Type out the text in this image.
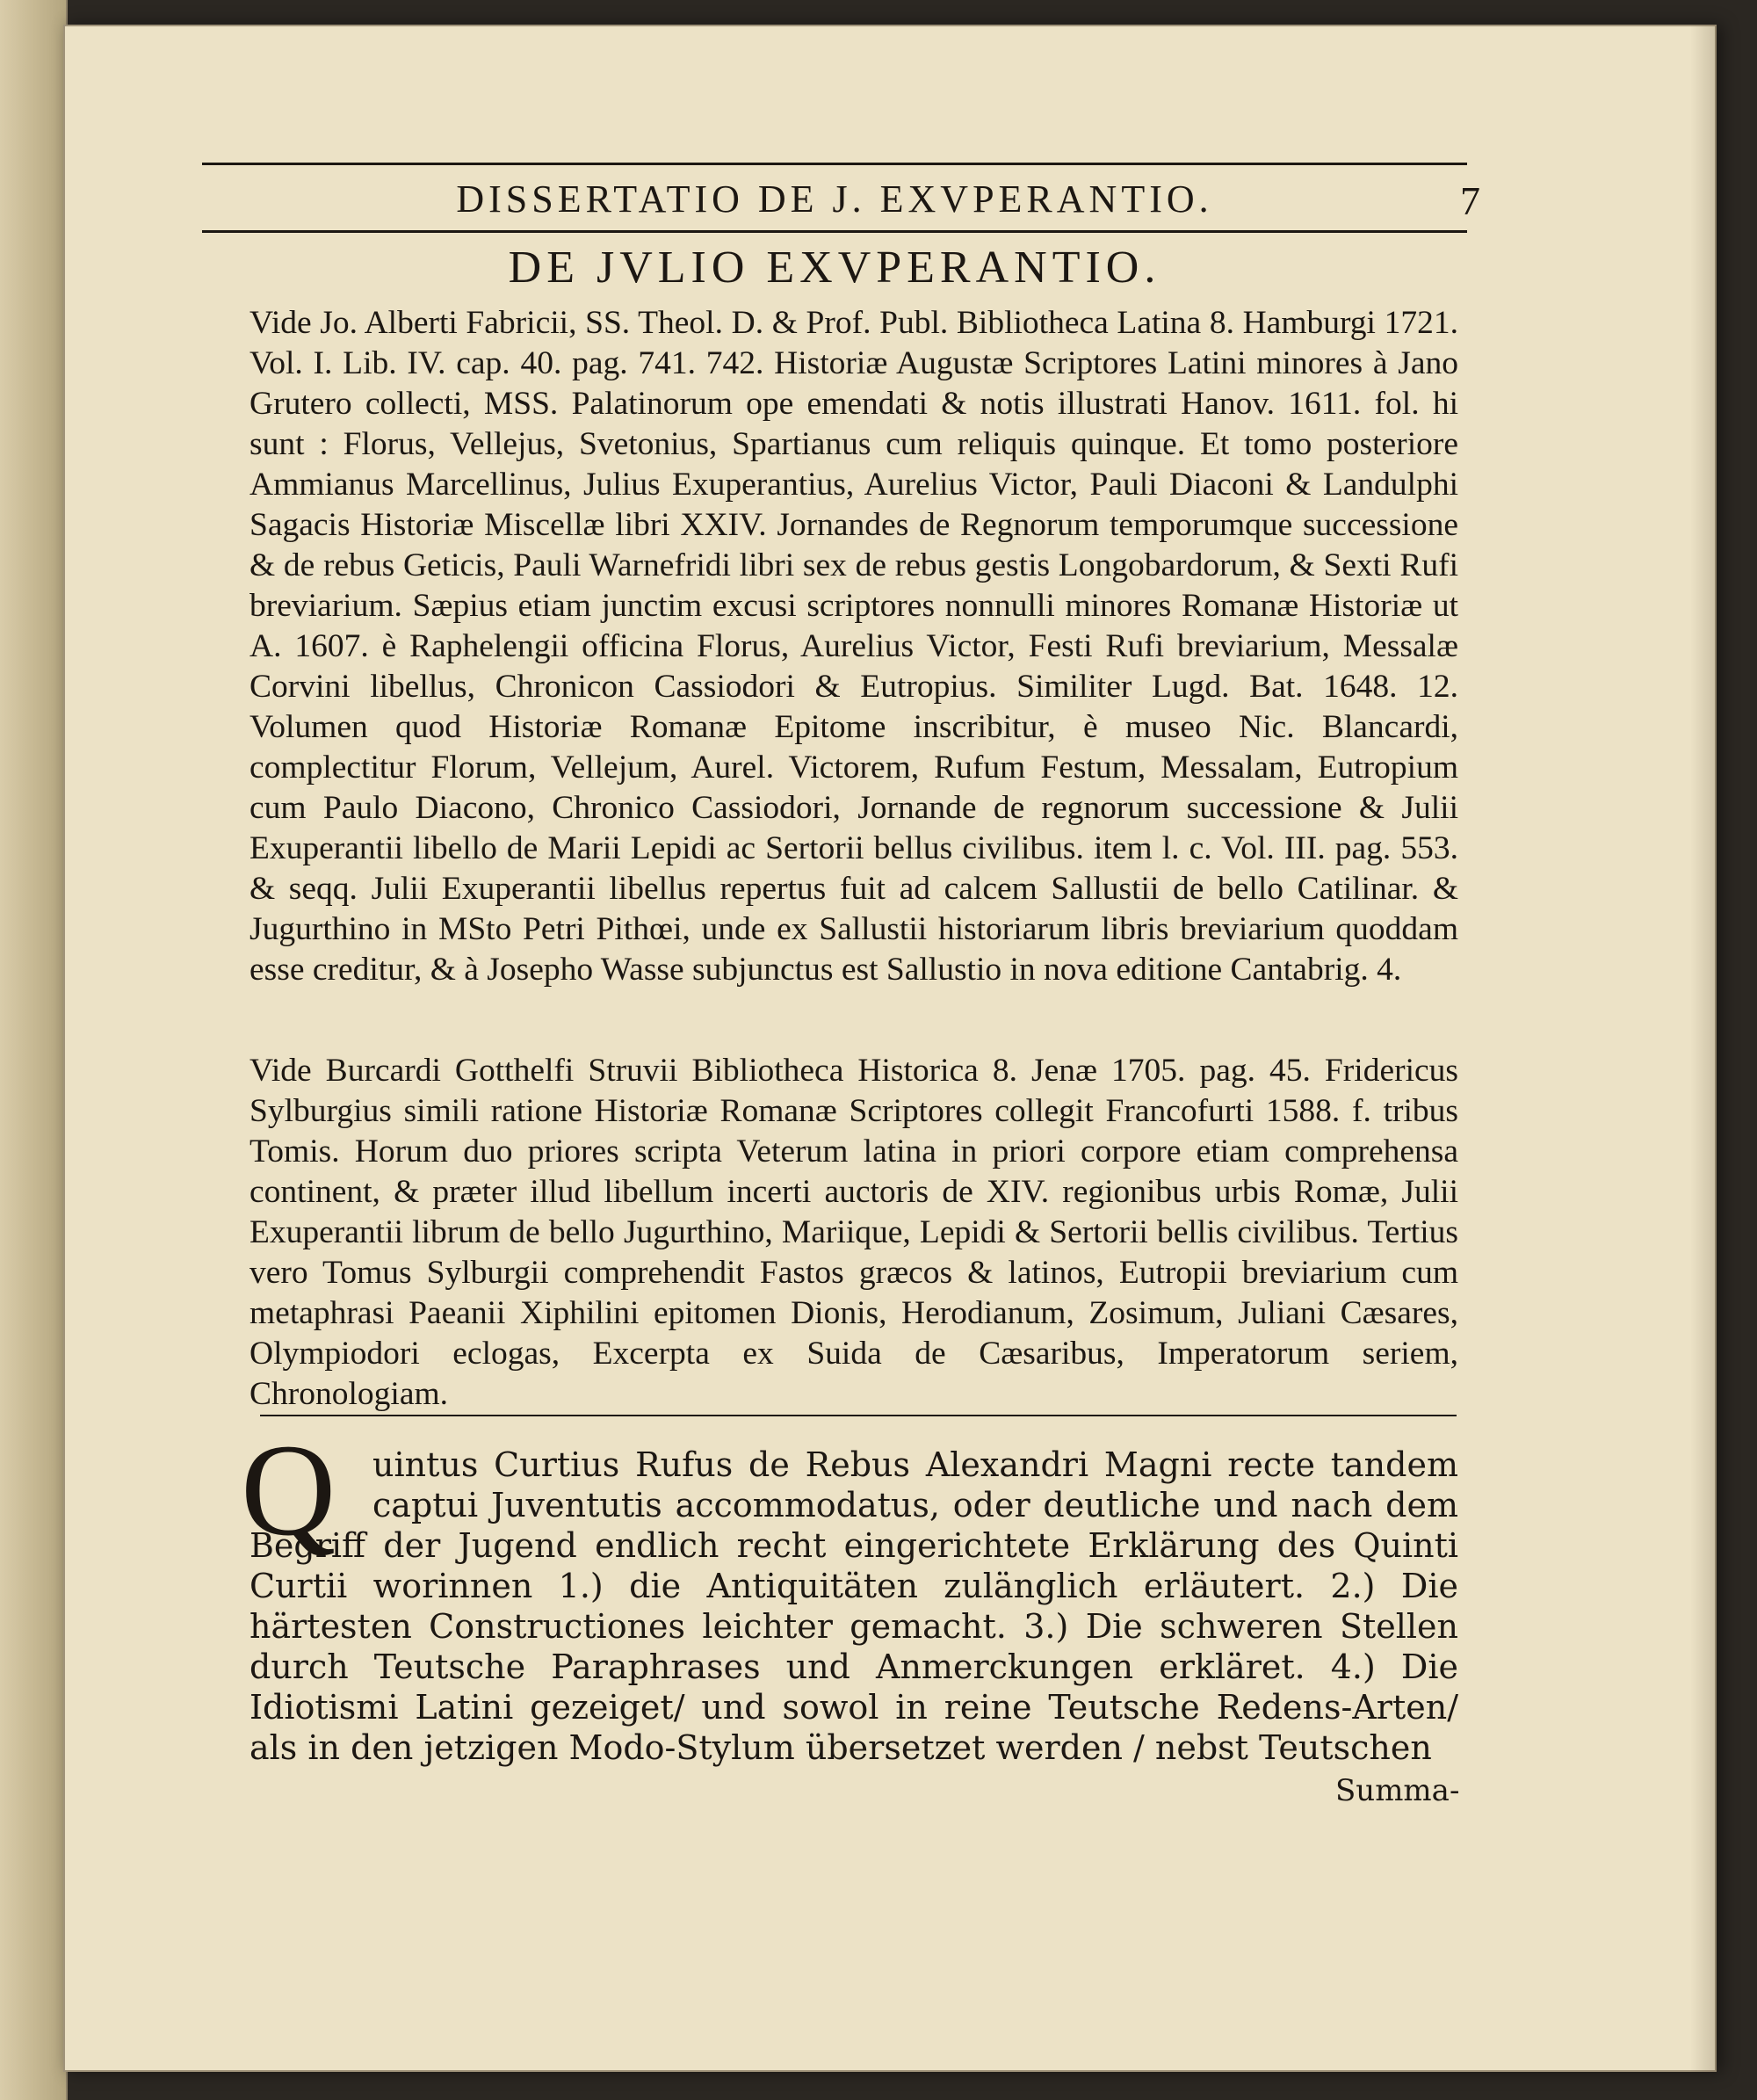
DISSERTATIO DE J. EXVPERANTIO.	7
DE JVLIO EXVPERANTIO.
Vide Jo. Alberti Fabricii, SS. Theol. D. & Prof. Publ. Bibliotheca Latina 8. Hamburgi 1721. Vol. I. Lib. IV. cap. 40. pag. 741. 742. Historiæ Augustæ Scriptores Latini minores à Jano Grutero collecti, MSS. Palatinorum ope emendati & notis illustrati Hanov. 1611. fol. hi sunt : Florus, Vellejus, Svetonius, Spartianus cum reliquis quinque. Et tomo posteriore Ammianus Marcellinus, Julius Exuperantius, Aurelius Victor, Pauli Diaconi & Landulphi Sagacis Historiæ Miscellæ libri XXIV. Jornandes de Regnorum temporumque successione & de rebus Geticis, Pauli Warnefridi libri sex de rebus gestis Longobardorum, & Sexti Rufi breviarium. Sæpius etiam junctim excusi scriptores nonnulli minores Romanæ Historiæ ut A. 1607. è Raphelengii officina Florus, Aurelius Victor, Festi Rufi breviarium, Messalæ Corvini libellus, Chronicon Cassiodori & Eutropius. Similiter Lugd. Bat. 1648. 12. Volumen quod Historiæ Romanæ Epitome inscribitur, è museo Nic. Blancardi, complectitur Florum, Vellejum, Aurel. Victorem, Rufum Festum, Messalam, Eutropium cum Paulo Diacono, Chronico Cassiodori, Jornande de regnorum successione & Julii Exuperantii libello de Marii Lepidi ac Sertorii bellus civilibus. item l. c. Vol. III. pag. 553. & seqq. Julii Exuperantii libellus repertus fuit ad calcem Sallustii de bello Catilinar. & Jugurthino in MSto Petri Pithœi, unde ex Sallustii historiarum libris breviarium quoddam esse creditur, & à Josepho Wasse subjunctus est Sallustio in nova editione Cantabrig. 4.
Vide Burcardi Gotthelfi Struvii Bibliotheca Historica 8. Jenæ 1705. pag. 45. Fridericus Sylburgius simili ratione Historiæ Romanæ Scriptores collegit Francofurti 1588. f. tribus Tomis. Horum duo priores scripta Veterum latina in priori corpore etiam comprehensa continent, & præter illud libellum incerti auctoris de XIV. regionibus urbis Romæ, Julii Exuperantii librum de bello Jugurthino, Mariique, Lepidi & Sertorii bellis civilibus. Tertius vero Tomus Sylburgii comprehendit Fastos græcos & latinos, Eutropii breviarium cum metaphrasi Paeanii Xiphilini epitomen Dionis, Herodianum, Zosimum, Juliani Cæsares, Olympiodori eclogas, Excerpta ex Suida de Cæsaribus, Imperatorum seriem, Chronologiam.
Q	uintus Curtius Rufus de Rebus Alexandri Magni recte tandem captui Juventutis accommodatus, oder deutliche und nach dem Begriff der Jugend endlich recht eingerichtete Erklärung des Quinti Curtii worinnen 1.) die Antiquitäten zulänglich erläutert. 2.) Die härtesten Constructiones leichter gemacht. 3.) Die schweren Stellen durch Teutsche Paraphrases und Anmerckungen erkläret. 4.) Die Idiotismi Latini gezeiget/ und sowol in reine Teutsche Redens-Arten/ als in den jetzigen Modo-Stylum übersetzet werden / nebst Teutschen
Summa-
